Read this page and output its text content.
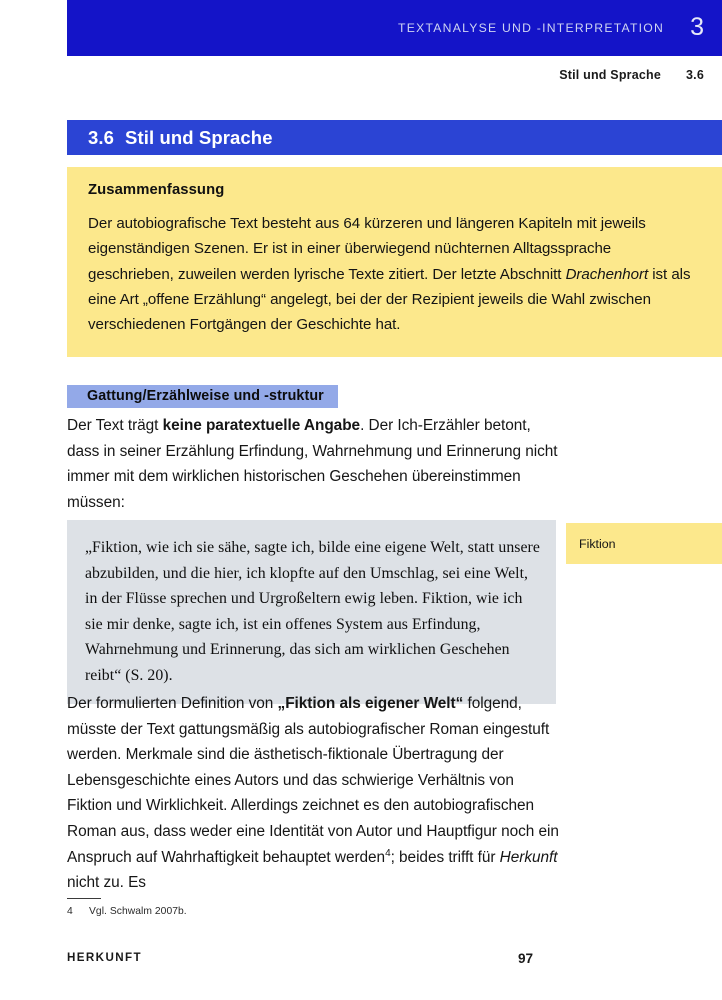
TEXTANALYSE UND -INTERPRETATION 3
Stil und Sprache 3.6
3.6 Stil und Sprache
Zusammenfassung

Der autobiografische Text besteht aus 64 kürzeren und längeren Kapiteln mit jeweils eigenständigen Szenen. Er ist in einer überwiegend nüchternen Alltagssprache geschrieben, zuweilen werden lyrische Texte zitiert. Der letzte Abschnitt Drachenhort ist als eine Art „offene Erzählung“ angelegt, bei der der Rezipient jeweils die Wahl zwischen verschiedenen Fortgängen der Geschichte hat.

Gattung/Erzählweise und -struktur

Der Text trägt keine paratextuelle Angabe. Der Ich-Erzähler betont, dass in seiner Erzählung Erfindung, Wahrnehmung und Erinnerung nicht immer mit dem wirklichen historischen Geschehen übereinstimmen müssen:

„Fiktion, wie ich sie sähe, sagte ich, bilde eine eigene Welt, statt unsere abzubilden, und die hier, ich klopfte auf den Umschlag, sei eine Welt, in der Flüsse sprechen und Urgroßeltern ewig leben. Fiktion, wie ich sie mir denke, sagte ich, ist ein offenes System aus Erfindung, Wahrnehmung und Erinnerung, das sich am wirklichen Geschehen reibt“ (S. 20).

Fiktion

Der formulierten Definition von „Fiktion als eigener Welt“ folgend, müsste der Text gattungsmäßig als autobiografischer Roman eingestuft werden. Merkmale sind die ästhetisch-fiktionale Übertragung der Lebensgeschichte eines Autors und das schwierige Verhältnis von Fiktion und Wirklichkeit. Allerdings zeichnet es den autobiografischen Roman aus, dass weder eine Identität von Autor und Hauptfigur noch ein Anspruch auf Wahrhaftigkeit behauptet werden$^4$; beides trifft für Herkunft nicht zu. Es

4	Vgl. Schwalm 2007b.
HERKUNFT	97
